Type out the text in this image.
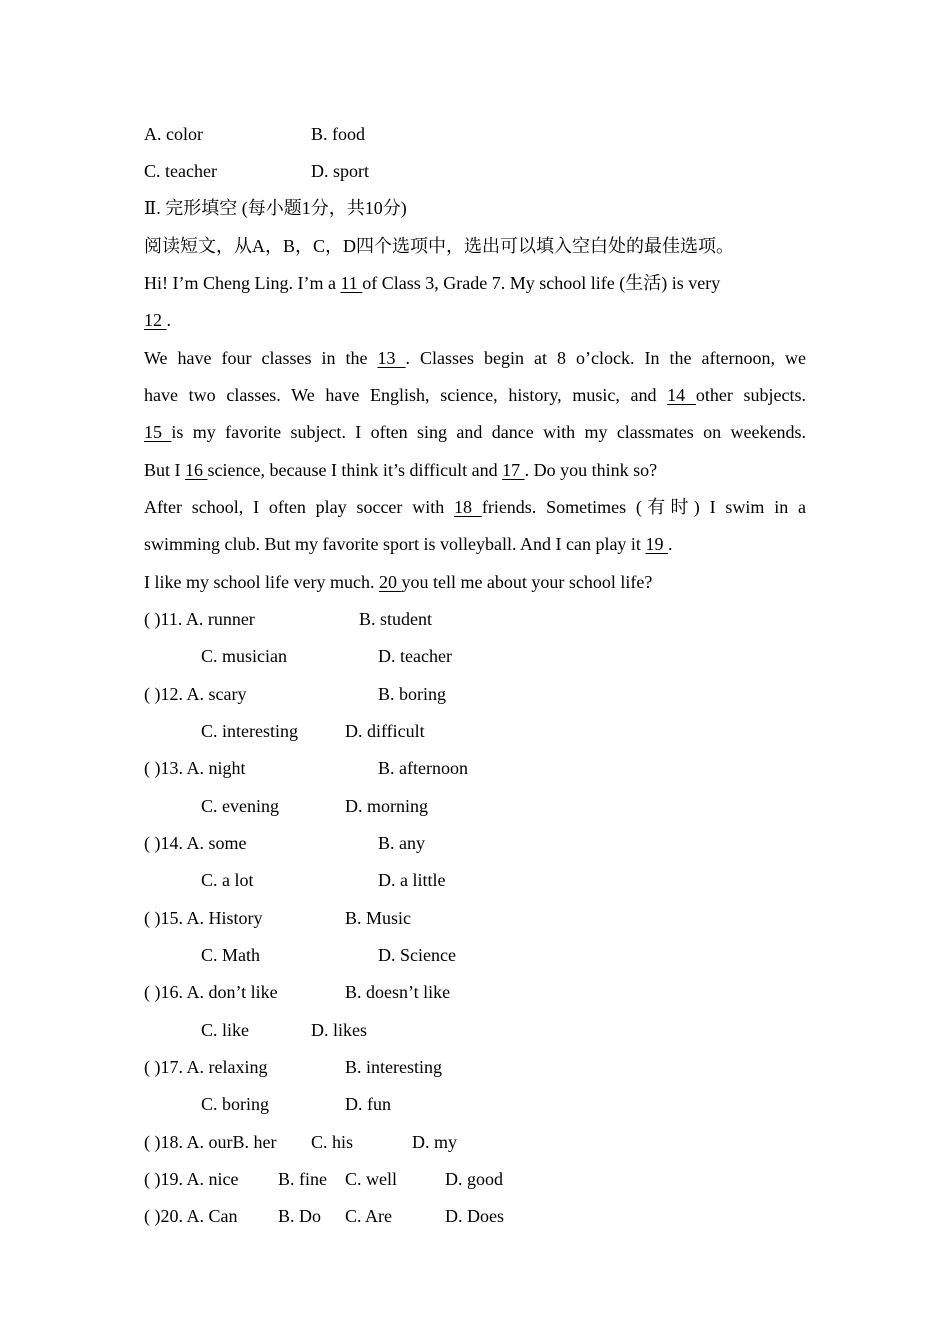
A. color	B. food
C. teacher	D. sport
Ⅱ. 完形填空 (每小题1分，共10分)
阅读短文，从A，B，C，D四个选项中，选出可以填入空白处的最佳选项。
Hi! I’m Cheng Ling. I’m a 11 of Class 3, Grade 7. My school life (生活) is very
12 .
We have four classes in the 13 . Classes begin at 8 o’clock. In the afternoon, we
have two classes. We have English, science, history, music, and 14 other subjects.
15 is my favorite subject. I often sing and dance with my classmates on weekends.
But I 16 science, because I think it’s difficult and 17 . Do you think so?
After school, I often play soccer with 18 friends. Sometimes (有时) I swim in a
swimming club. But my favorite sport is volleyball. And I can play it 19 .
I like my school life very much. 20 you tell me about your school life?
( )11. A. runner	B. student
C. musician	D. teacher
( )12. A. scary	B. boring
C. interesting	D. difficult
( )13. A. night	B. afternoon
C. evening	D. morning
( )14. A. some	B. any
C. a lot	D. a little
( )15. A. History	B. Music
C. Math	D. Science
( )16. A. don’t like	B. doesn’t like
C. like	D. likes
( )17. A. relaxing	B. interesting
C. boring	D. fun
( )18. A. ourB. her C. his	D. my
( )19. A. nice B. fine C. well	D. good
( )20. A. Can B. Do C. Are	D. Does
